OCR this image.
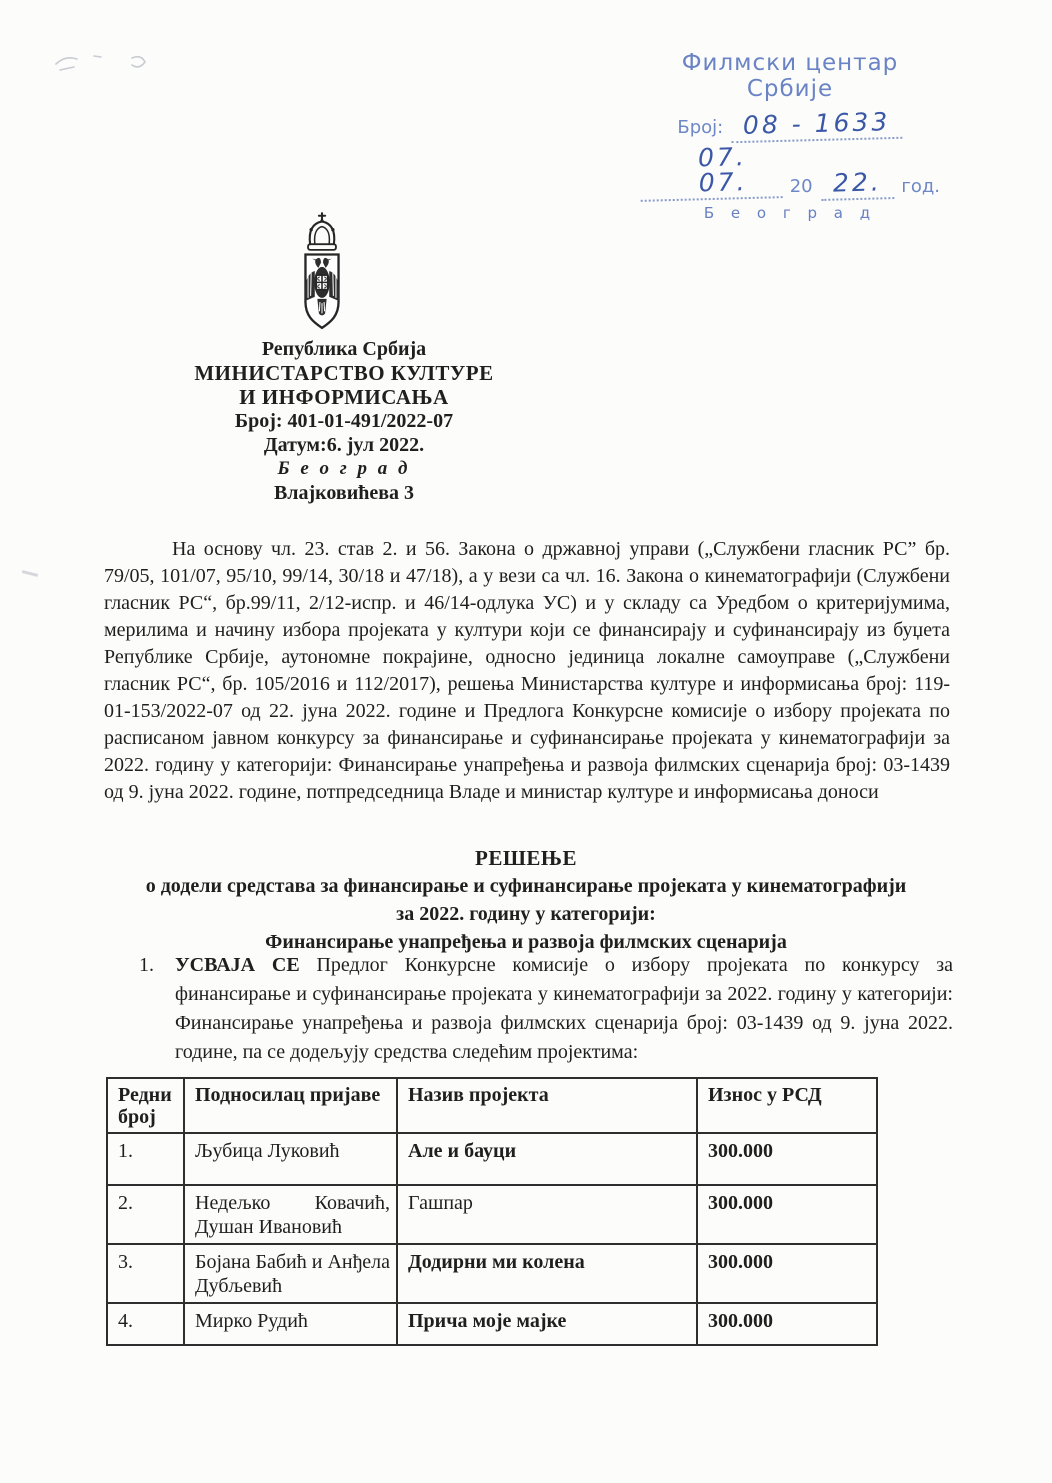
Филмски центар Србије
Број: 08 - 1633
07. 07.	20 22.	год.
Б е о г р а д
Република Србија
МИНИСТАРСТВО КУЛТУРЕ
И ИНФОРМИСАЊА
Број: 401-01-491/2022-07
Датум:6. јул 2022.
Б е о г р а д
Влајковићева 3

На основу чл. 23. став 2. и 56. Закона о државној управи („Службени гласник РС” бр. 79/05, 101/07, 95/10, 99/14, 30/18 и 47/18), а у вези са чл. 16. Закона о кинематографији (Службени гласник РС“, бр.99/11, 2/12-испр. и 46/14-одлука УС) и у складу са Уредбом о критеријумима, мерилима и начину избора пројеката у култури који се финансирају и суфинансирају из буџета Републике Србије, аутономне покрајине, односно јединица локалне самоуправе („Службени гласник РС“, бр. 105/2016 и 112/2017), решења Министарства културе и информисања број: 119-01-153/2022-07 од 22. јуна 2022. године и Предлога Конкурсне комисије о избору пројеката по расписаном јавном конкурсу за финансирање и суфинансирање пројеката у кинематографији за 2022. годину у категорији: Финансирање унапређења и развоја филмских сценарија број: 03-1439 од 9. јуна 2022. године, потпредседница Владе и министар културе и информисања доноси

РЕШЕЊЕ
о додели средстава за финансирање и суфинансирање пројеката у кинематографији
за 2022. годину у категорији:
Финансирање унапређења и развоја филмских сценарија
1.	УСВАЈА СЕ Предлог Конкурсне комисије о избору пројеката по конкурсу за финансирање и суфинансирање пројеката у кинематографији за 2022. годину у категорији: Финансирање унапређења и развоја филмских сценарија број: 03-1439 од 9. јуна 2022. године, па се додељују средства следећим пројектима:
Редни број	Подносилац пријаве	Назив пројекта	Износ у РСД
1.	Љубица Луковић	Але и бауци	300.000
2.	Недељко Ковачић, Душан Ивановић	Гашпар	300.000
3.	Бојана Бабић и Анђела Дубљевић	Додирни ми колена	300.000
4.	Мирко Рудић	Прича моје мајке	300.000
